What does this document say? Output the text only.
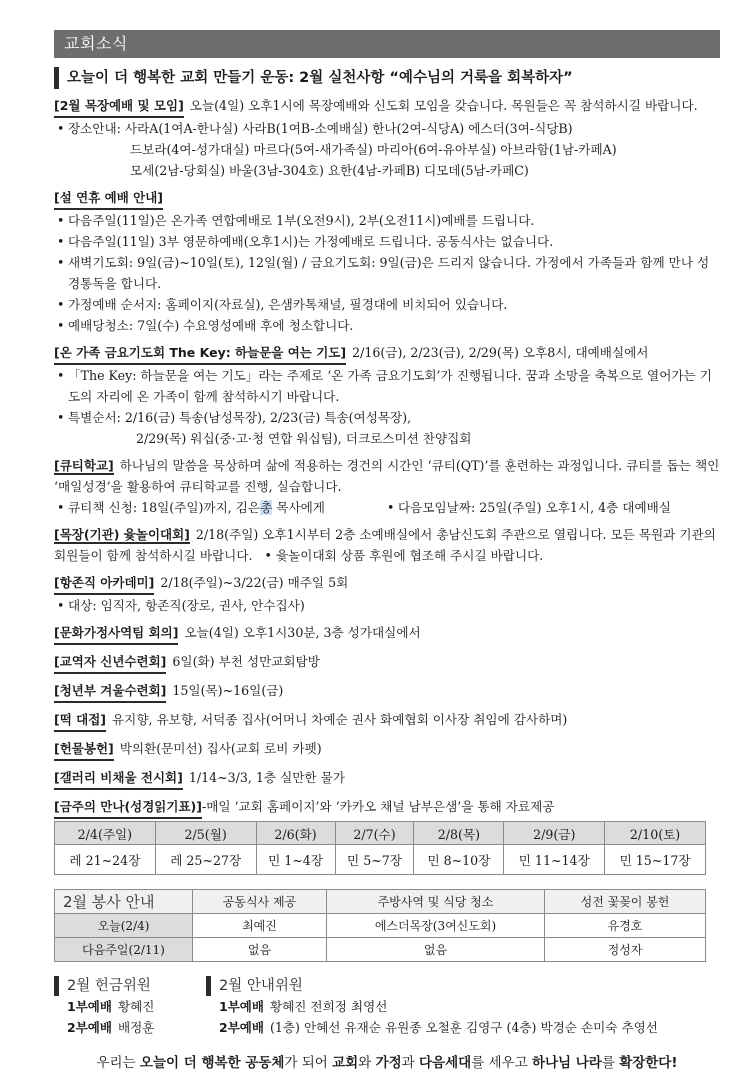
교회소식
오늘이 더 행복한 교회 만들기 운동: 2월 실천사항 “예수님의 거룩을 회복하자”
[2월 목장예배 및 모임] 오늘(4일) 오후1시에 목장예배와 신도회 모임을 갖습니다. 목원들은 꼭 참석하시길 바랍니다.
• 장소안내: 사라A(1여A-한나실) 사라B(1여B-소예배실) 한나(2여-식당A) 에스더(3여-식당B)
드보라(4여-성가대실) 마르다(5여-새가족실) 마리아(6여-유아부실) 아브라함(1남-카페A)
모세(2남-당회실) 바울(3남-304호) 요한(4남-카페B) 디모데(5남-카페C)
[설 연휴 예배 안내]
• 다음주일(11일)은 온가족 연합예배로 1부(오전9시), 2부(오전11시)예배를 드립니다.
• 다음주일(11일) 3부 영문하예배(오후1시)는 가정예배로 드립니다. 공동식사는 없습니다.
• 새벽기도회: 9일(금)~10일(토), 12일(월) / 금요기도회: 9일(금)은 드리지 않습니다. 가정에서 가족들과 함께 만나 성경통독을 합니다.
• 가정예배 순서지: 홈페이지(자료실), 은샘카톡채널, 필경대에 비치되어 있습니다.
• 예배당청소: 7일(수) 수요영성예배 후에 청소합니다.
[온 가족 금요기도회 The Key: 하늘문을 여는 기도] 2/16(금), 2/23(금), 2/29(목) 오후8시, 대예배실에서
• 「The Key: 하늘문을 여는 기도」라는 주제로 ‘온 가족 금요기도회’가 진행됩니다. 꿈과 소망을 축복으로 열어가는 기도의 자리에 온 가족이 함께 참석하시기 바랍니다.
• 특별순서: 2/16(금) 특송(남성목장), 2/23(금) 특송(여성목장),
2/29(목) 워십(중·고·청 연합 워십팀), 더크로스미션 찬양집회
[큐티학교] 하나님의 말씀을 묵상하며 삶에 적용하는 경건의 시간인 ‘큐티(QT)’를 훈련하는 과정입니다. 큐티를 돕는 책인 ‘매일성경’을 활용하여 큐티학교를 진행, 실습합니다.
• 큐티책 신청: 18일(주일)까지, 김은총 목사에게	• 다음모임날짜: 25일(주일) 오후1시, 4층 대예배실
[목장(기관) 윷놀이대회] 2/18(주일) 오후1시부터 2층 소예배실에서 총남신도회 주관으로 열립니다. 모든 목원과 기관의 회원들이 함께 참석하시길 바랍니다.   • 윷놀이대회 상품 후원에 협조해 주시길 바랍니다.
[항존직 아카데미] 2/18(주일)~3/22(금) 매주일 5회
• 대상: 임직자, 항존직(장로, 권사, 안수집사)
[문화가정사역팀 회의] 오늘(4일) 오후1시30분, 3층 성가대실에서
[교역자 신년수련회] 6일(화) 부천 성만교회탐방
[청년부 겨울수련회] 15일(목)~16일(금)
[떡 대접] 유지향, 유보향, 서덕종 집사(어머니 차예순 권사 화예협회 이사장 취임에 감사하며)
[헌물봉헌] 박의환(문미선) 집사(교회 로비 카펫)
[갤러리 비채울 전시회] 1/14~3/3, 1층 실만한 물가
[금주의 만나(성경읽기표)] -매일 ‘교회 홈페이지’와 ‘카카오 채널 남부은샘’을 통해 자료제공
2/4(주일)	2/5(월)	2/6(화)	2/7(수)	2/8(목)	2/9(금)	2/10(토)
레 21~24장	레 25~27장	민 1~4장	민 5~7장	민 8~10장	민 11~14장	민 15~17장
2월 봉사 안내	공동식사 제공	주방사역 및 식당 청소	성전 꽃꽂이 봉헌
오늘(2/4)	최예진	에스더목장(3여신도회)	유경호
다음주일(2/11)	없음	없음	정성자
2월 헌금위원
1부예배 황혜진
2부예배 배정훈
2월 안내위원
1부예배 황혜진 전희정 최영선
2부예배 (1층) 안혜선 유재순 유원종 오철훈 김영구 (4층) 박경순 손미숙 추영선
우리는 오늘이 더 행복한 공동체가 되어 교회와 가정과 다음세대를 세우고 하나님 나라를 확장한다!
